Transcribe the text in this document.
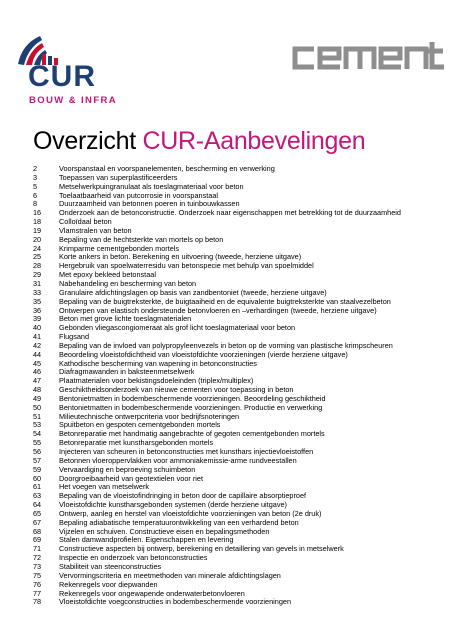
CUR
BOUW & INFRA
Overzicht CUR-Aanbevelingen
2	Voorspanstaal en voorspanelementen, bescherming en verwerking
3	Toepassen van superplastificeerders
5	Metselwerkpuingranulaat als toeslagmateriaal voor beton
6	Toelaatbaarheid van putcorrosie in voorspanstaal
8	Duurzaamheid van betonnen poeren in tuinbouwkassen
16	Onderzoek aan de betonconstructie. Onderzoek naar eigenschappen met betrekking tot de duurzaamheid
18	Colloïdaal beton
19	Vlamstralen van beton
20	Bepaling van de hechtsterkte van mortels op beton
24	Krimparme cementgebonden mortels
25	Korte ankers in beton. Berekening en uitvoering (tweede, herziene uitgave)
28	Hergebruik van spoelwaterresidu van betonspecie met behulp van spoelmiddel
29	Met epoxy bekleed betonstaal
31	Nabehandeling en bescherming van beton
33	Granulaire afdichtingslagen op basis van zandbentoniet (tweede, herziene uitgave)
35	Bepaling van de buigtreksterkte, de buigtaaiheid en de equivalente buigtreksterkte van staalvezelbeton
36	Ontwerpen van elastisch ondersteunde betonvloeren en –verhardingen (tweede, herziene uitgave)
39	Beton met grove lichte toeslagmaterialen
40	Gebonden vliegascongiomeraat als grof licht toeslagmateriaal voor beton
41	Flugsand
42	Bepaling van de invloed van polypropyleenvezels in beton op de vorming van plastische krimpscheuren
44	Beoordeling vloeistofdichtheid van vloeistofdichte voorzieningen (vierde herziene uitgave)
45	Kathodische bescherming van wapening in betonconstructies
46	Diafragmawanden in baksteenmetselwerk
47	Plaatmaterialen voor bekistingsdoeleinden (triplex/multiplex)
48	Geschiktheidsonderzoek van nieuwe cementen voor toepassing in beton
49	Bentonietmatten in bodembeschermende voorzieningen. Beoordeling geschiktheid
50	Bentonietmatten in bodembeschermende voorzieningen. Productie en verwerking
51	Milieutechnische ontwerpcriteria voor bedrijfsnoteringen
53	Spuitbeton en gespoten cementgebonden mortels
54	Betonreparatie met handmatig aangebrachte of gegoten cementgebonden mortels
55	Betonreparatie met kunsthars​gebonden mortels
56	Injecteren van scheuren in betonconstructies met kunsthars injectievloeistoffen
57	Betonnen vloeroppervlakken voor ammoniakemissie-arme rundveestallen
59	Vervaardiging en beproeving schuimbeton
60	Doorgroeibaarheid van geotextielen voor riet
61	Het voegen van metselwerk
63	Bepaling van de vloeistofindringing in beton door de capillaire absorptieproef
64	Vloeistofdichte kunstharsgebonden systemen (derde herziene uitgave)
65	Ontwerp, aanleg en herstel van vloeistofdichte voorzieningen van beton (2e druk)
67	Bepaling adiabatische temperatuurontwikkeling van een verhardend beton
68	Vijzelen en schuiven. Constructieve eisen en bepalingsmethoden
69	Stalen damwandprofielen. Eigenschappen en levering
71	Constructieve aspecten bij ontwerp, berekening en detaillering van gevels in metselwerk
72	Inspectie en onderzoek van betonconstructies
73	Stabiliteit van steenconstructies
75	Vervormingscriteria en meetmethoden van minerale afdichtingslagen
76	Rekenregels voor diepwanden
77	Rekenregels voor ongewapende onderwaterbetonvloeren
78	Vloeistofdichte voegconstructies in bodembeschermende voorzieningen
